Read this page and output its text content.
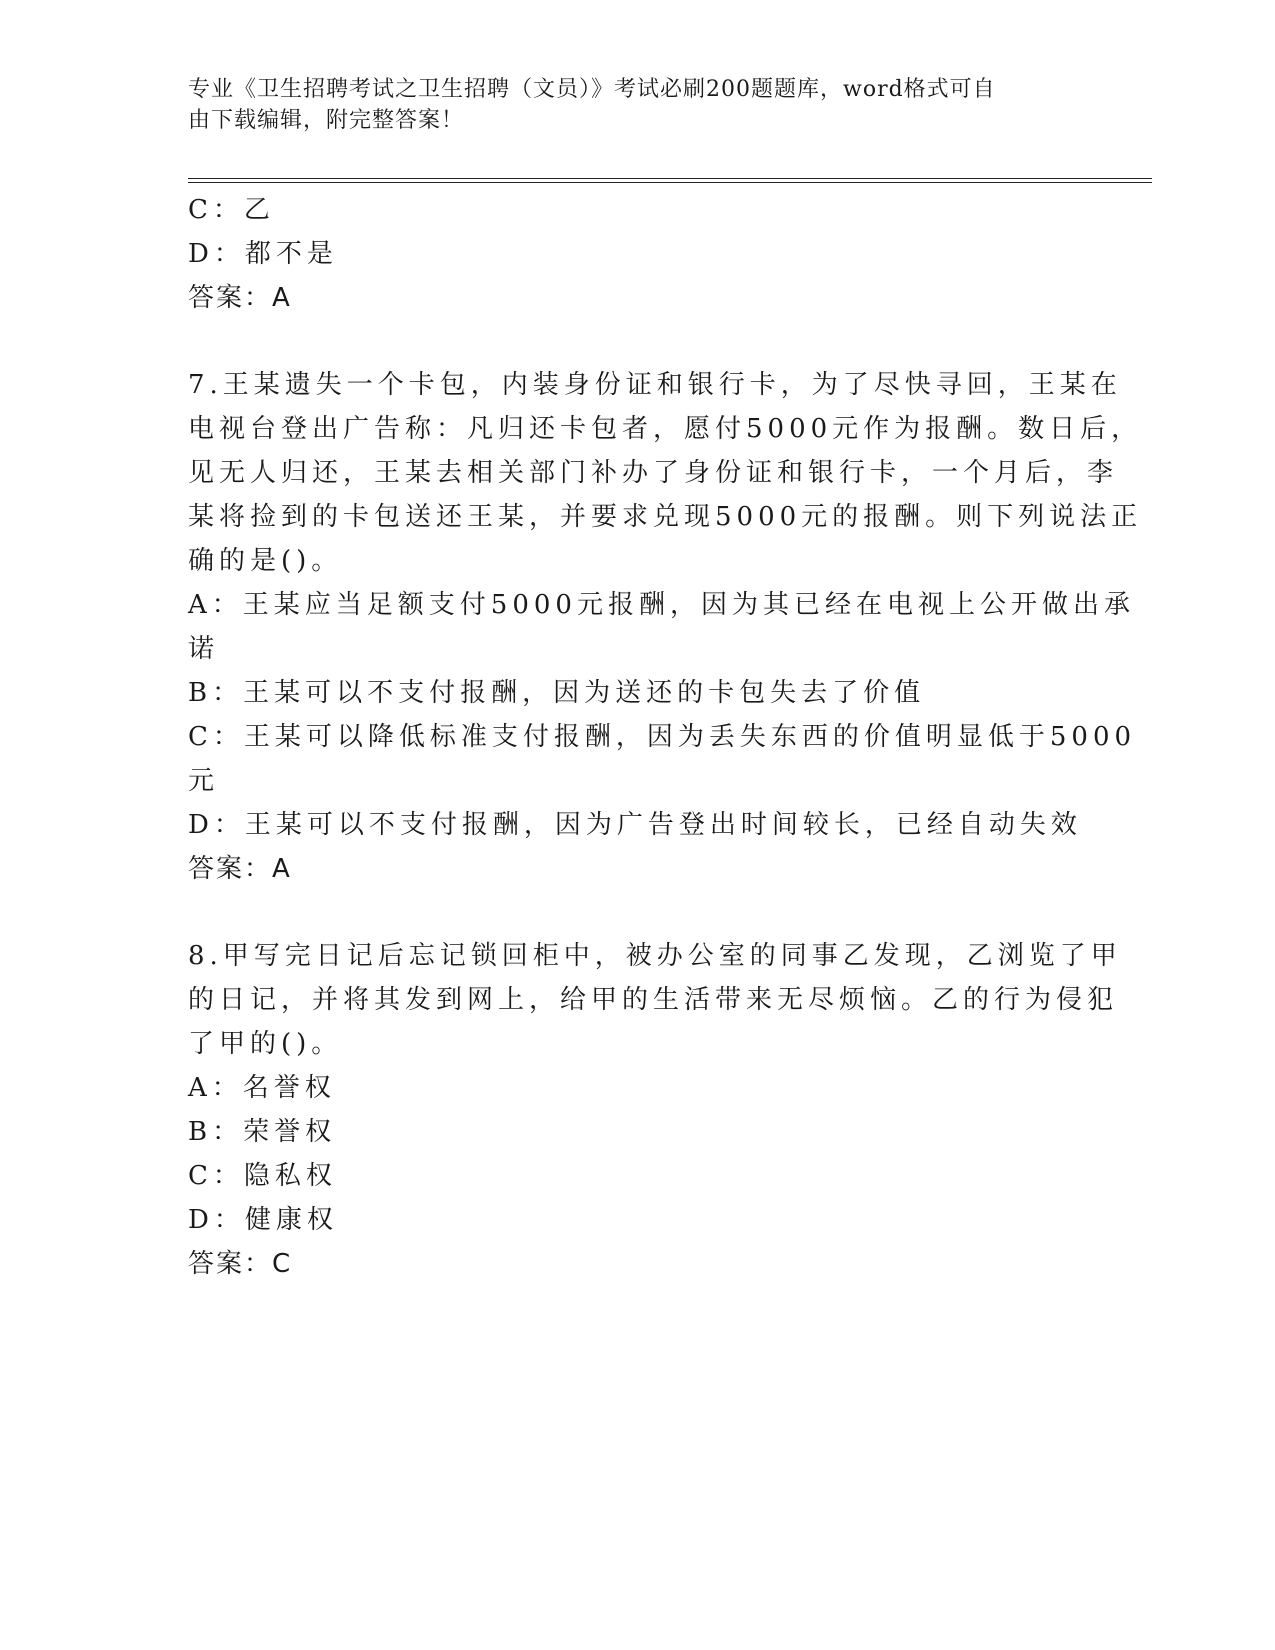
专业《卫生招聘考试之卫生招聘（文员）》考试必刷200题题库，word格式可自
由下载编辑，附完整答案！
C：乙
D：都不是
答案：A
7.王某遗失一个卡包，内装身份证和银行卡，为了尽快寻回，王某在
电视台登出广告称：凡归还卡包者，愿付5000元作为报酬。数日后，
见无人归还，王某去相关部门补办了身份证和银行卡，一个月后，李
某将捡到的卡包送还王某，并要求兑现5000元的报酬。则下列说法正
确的是()。
A：王某应当足额支付5000元报酬，因为其已经在电视上公开做出承
诺
B：王某可以不支付报酬，因为送还的卡包失去了价值
C：王某可以降低标准支付报酬，因为丢失东西的价值明显低于5000
元
D：王某可以不支付报酬，因为广告登出时间较长，已经自动失效
答案：A
8.甲写完日记后忘记锁回柜中，被办公室的同事乙发现，乙浏览了甲
的日记，并将其发到网上，给甲的生活带来无尽烦恼。乙的行为侵犯
了甲的()。
A：名誉权
B：荣誉权
C：隐私权
D：健康权
答案：C
